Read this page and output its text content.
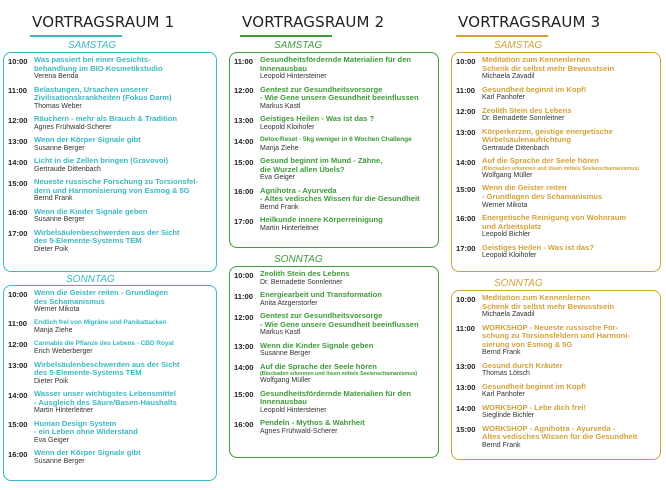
VORTRAGSRAUM 1
SAMSTAG
10:00 Was passiert bei einer Gesichts-
behandlung im BIO Kosmetikstudio
Verena Benda
11:00 Belastungen, Ursachen unserer
Zivilisationskrankheiten (Fokus Darm)
Thomas Weber
12:00 Räuchern - mehr als Brauch & Tradition
Agnes Frühwald-Scherer
13:00 Wenn der Körper Signale gibt
Susanne Berger
14:00 Licht in die Zellen bringen (Gravovoi)
Gertraude Dittenbach
15:00 Neueste russische Forschung zu Torsionsfel-
dern und Harmonisierung von Esmog & 5G
Bernd Frank
16:00 Wenn die Kinder Signale geben
Susanne Berger
17:00 Wirbelsäulenbeschwerden aus der Sicht
des 5-Elemente-Systems TEM
Dieter Poik
SONNTAG
10:00 Wenn die Geister reiten - Grundlagen
des Schamanismus
Werner Mikota
11:00	Endlich frei von Migräne und Panikattacken
Manja Ziehe
12:00 Cannabis die Pflanze des Lebens - CBD Royal
Erich Weberberger
13:00 Wirbelsäulenbeschwerden aus der Sicht
des 5-Elemente-Systems TEM
Dieter Poik
14:00 Wasser unser wichtigstes Lebensmittel
- Ausgleich des Säure/Basen-Haushalts
Martin Hinterleitner
15:00 Human Design System
- ein Leben ohne Widerstand
Eva Geiger
16:00 Wenn der Körper Signale gibt
Susanne Berger
VORTRAGSRAUM 2
SAMSTAG
11:00 Gesundheitsfördernde Materialien für den
Innenausbau
Leopold Hintersteiner
12:00 Gentest zur Gesundheitsvorsorge
- Wie Gene unsere Gesundheit beeinflussen
Markus Kastl
13:00 Geistiges Heilen - Was ist das ?
Leopold Kloihofer
14:00 Detox-Reset - 5kg weniger in 6 Wochen Challenge
Manja Ziehe
15:00 Gesund beginnt im Mund - Zähne,
die Wurzel allen Übels?
Eva Geiger
16:00 Agnihotra - Ayurveda
- Altes vedisches Wissen für die Gesundheit
Bernd Frank
17:00 Heilkunde innere Körperreinigung
Martin Hinterleitner
SONNTAG
10:00 Zeolith Stein des Lebens
Dr. Bernadette Sonnleitner
11:00 Energiearbeit und Transformation
Anita Atzgerstorfer
12:00 Gentest zur Gesundheitsvorsorge
- Wie Gene unsere Gesundheit beeinflussen
Markus Kastl
13:00 Wenn die Kinder Signale geben
Susanne Berger
14:00 Auf die Sprache der Seele hören
(Blockaden erkennen und lösen mittels Seelenschamanismus)
Wolfgang Müller
15:00 Gesundheitsfördernde Materialien für den
Innenausbau
Leopold Hintersteiner
16:00 Pendeln - Mythos & Wahrheit
Agnes Frühwald-Scherer
VORTRAGSRAUM 3
SAMSTAG
10:00 Meditation zum Kennenlernen
Schenk dir selbst mehr Bewusstsein
Michaela Zavadil
11:00 Gesundheit beginnt im Kopf!
Karl Panhofer
12:00 Zeolith Stein des Lebens
Dr. Bernadette Sonnleitner
13:00 Körperkerzen, geistige energetische
Wirbelsäulenaufrichtung
Gertraude Dittenbach
14:00 Auf die Sprache der Seele hören
(Blockaden erkennen und lösen mittels Seelenschamanismus)
Wolfgang Müller
15:00 Wenn die Geister reiten
- Grundlagen des Schamanismus
Werner Mikota
16:00 Energetische Reinigung von Wohnraum
und Arbeitsplatz
Leopold Bichler
17:00 Geistiges Heilen - Was ist das?
Leopold Kloihofer
SONNTAG
10:00 Meditation zum Kennenlernen
Schenk dir selbst mehr Bewusstsein
Michaela Zavadil
11:00 WORKSHOP - Neueste russische For-
schung zu Torsionsfeldern und Harmoni-
sierung von Esmog & 5G
Bernd Frank
13:00 Gesund durch Kräuter
Thomas Lötsch
13:00 Gesundheit beginnt im Kopf!
Karl Panhofer
14:00 WORKSHOP - Lebe dich frei!
Sieglinde Bichler
15:00 WORKSHOP - Agnihotra - Ayurveda -
Altes vedisches Wissen für die Gesundheit
Bernd Frank
